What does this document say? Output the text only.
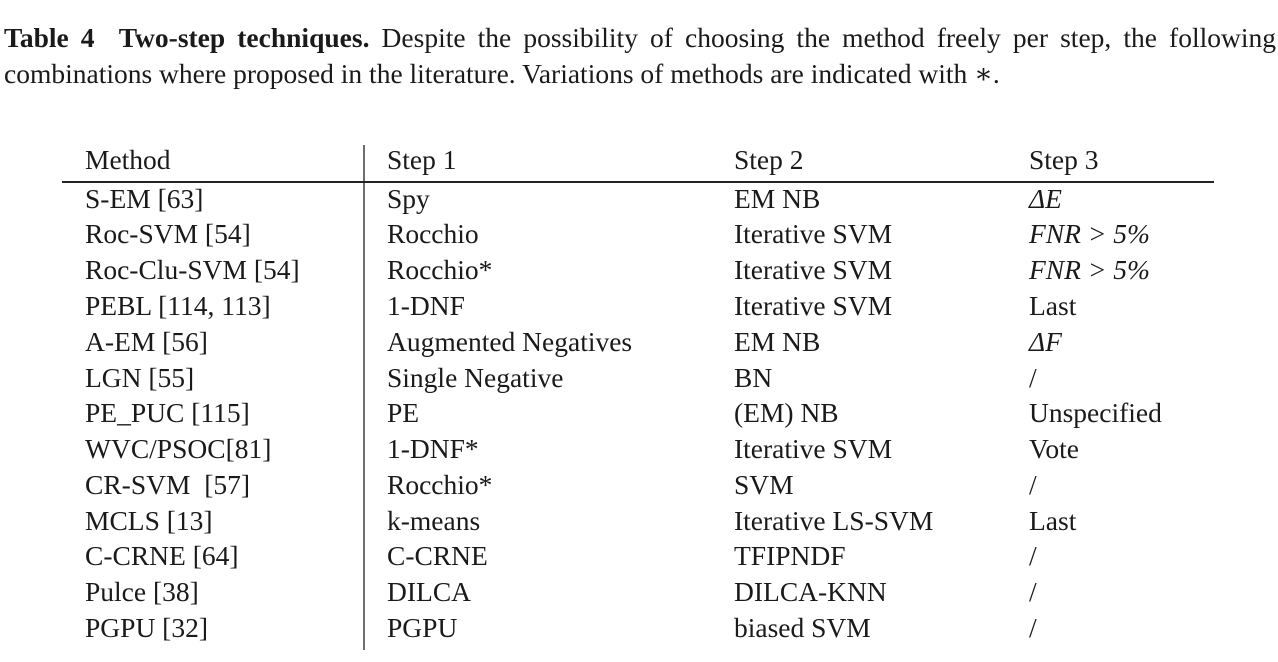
Table 4 Two-step techniques. Despite the possibility of choosing the method freely per step, the following combinations where proposed in the literature. Variations of methods are indicated with ∗.
Method	Step 1	Step 2	Step 3
S-EM [63]	Spy	EM NB	ΔE
Roc-SVM [54]	Rocchio	Iterative SVM	FNR > 5%
Roc-Clu-SVM [54]	Rocchio*	Iterative SVM	FNR > 5%
PEBL [114, 113]	1-DNF	Iterative SVM	Last
A-EM [56]	Augmented Negatives	EM NB	ΔF
LGN [55]	Single Negative	BN	/
PE_PUC [115]	PE	(EM) NB	Unspecified
WVC/PSOC[81]	1-DNF*	Iterative SVM	Vote
CR-SVM  [57]	Rocchio*	SVM	/
MCLS [13]	k-means	Iterative LS-SVM	Last
C-CRNE [64]	C-CRNE	TFIPNDF	/
Pulce [38]	DILCA	DILCA-KNN	/
PGPU [32]	PGPU	biased SVM	/
